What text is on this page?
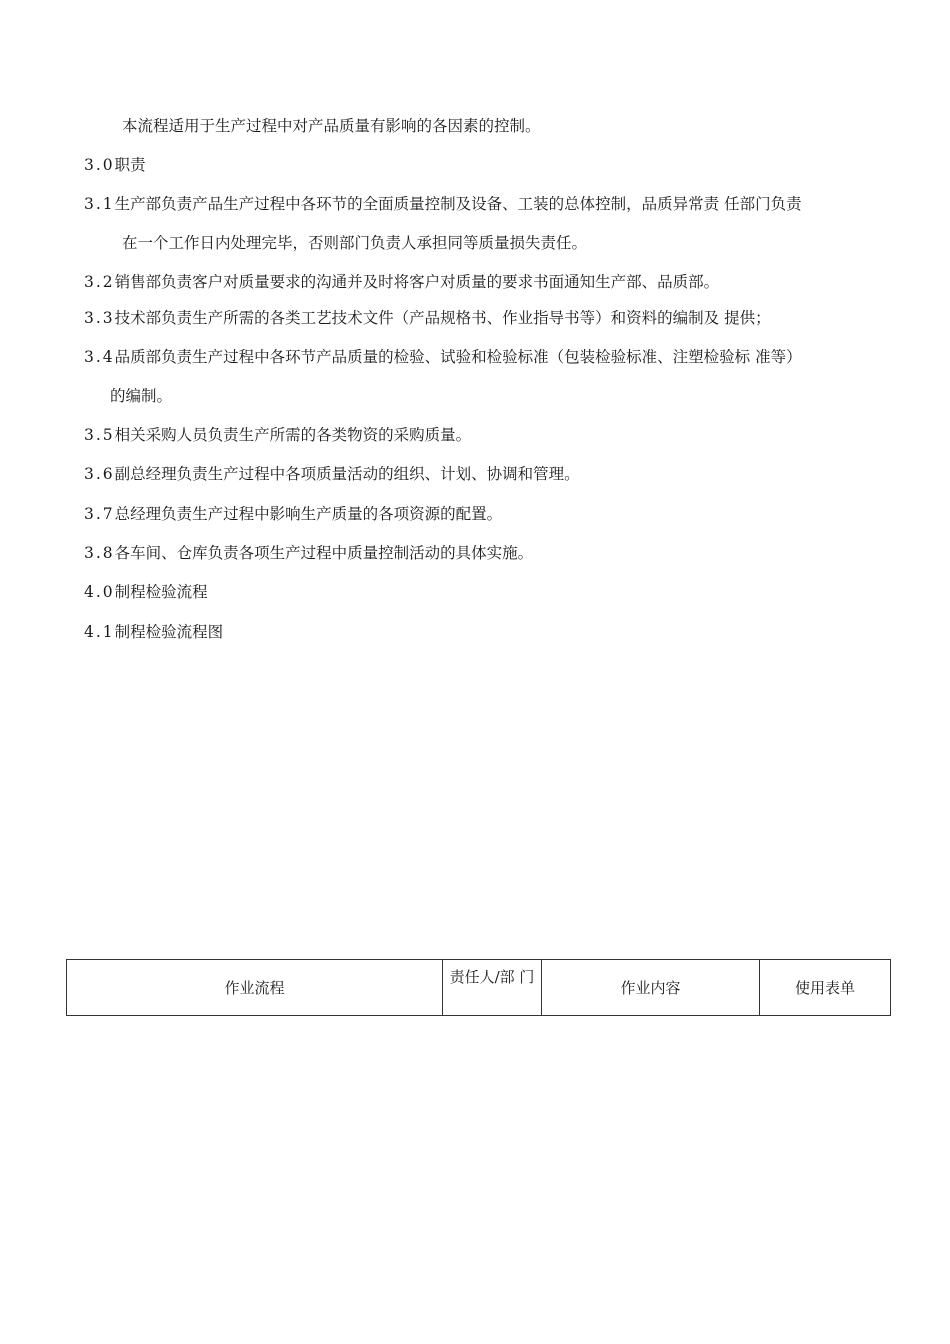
本流程适用于生产过程中对产品质量有影响的各因素的控制。
3.0职责
3.1生产部负责产品生产过程中各环节的全面质量控制及设备、工装的总体控制，品质异常责 任部门负责
在一个工作日内处理完毕，否则部门负责人承担同等质量损失责任。
3.2销售部负责客户对质量要求的沟通并及时将客户对质量的要求书面通知生产部、品质部。
3.3技术部负责生产所需的各类工艺技术文件（产品规格书、作业指导书等）和资料的编制及 提供；
3.4品质部负责生产过程中各环节产品质量的检验、试验和检验标准（包装检验标准、注塑检验标 准等）
的编制。
3.5相关采购人员负责生产所需的各类物资的采购质量。
3.6副总经理负责生产过程中各项质量活动的组织、计划、协调和管理。
3.7总经理负责生产过程中影响生产质量的各项资源的配置。
3.8各车间、仓库负责各项生产过程中质量控制活动的具体实施。
4.0制程检验流程
4.1制程检验流程图
作业流程	责任人/部 门	作业内容	使用表单
